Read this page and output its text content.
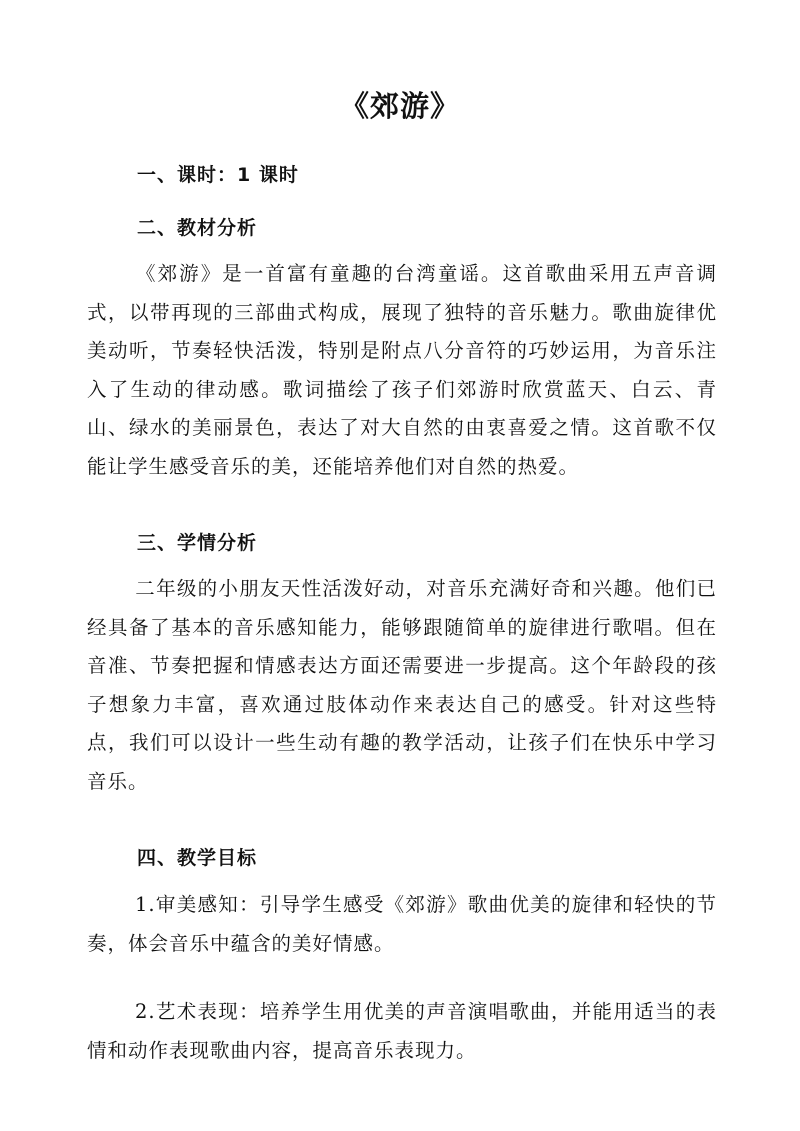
《郊游》
一、课时：1 课时
二、教材分析
《郊游》是一首富有童趣的台湾童谣。这首歌曲采用五声音调式，以带再现的三部曲式构成，展现了独特的音乐魅力。歌曲旋律优美动听，节奏轻快活泼，特别是附点八分音符的巧妙运用，为音乐注入了生动的律动感。歌词描绘了孩子们郊游时欣赏蓝天、白云、青山、绿水的美丽景色，表达了对大自然的由衷喜爱之情。这首歌不仅能让学生感受音乐的美，还能培养他们对自然的热爱。
三、学情分析
二年级的小朋友天性活泼好动，对音乐充满好奇和兴趣。他们已经具备了基本的音乐感知能力，能够跟随简单的旋律进行歌唱。但在音准、节奏把握和情感表达方面还需要进一步提高。这个年龄段的孩子想象力丰富，喜欢通过肢体动作来表达自己的感受。针对这些特点，我们可以设计一些生动有趣的教学活动，让孩子们在快乐中学习音乐。
四、教学目标
1.审美感知：引导学生感受《郊游》歌曲优美的旋律和轻快的节奏，体会音乐中蕴含的美好情感。
2.艺术表现：培养学生用优美的声音演唱歌曲，并能用适当的表情和动作表现歌曲内容，提高音乐表现力。
